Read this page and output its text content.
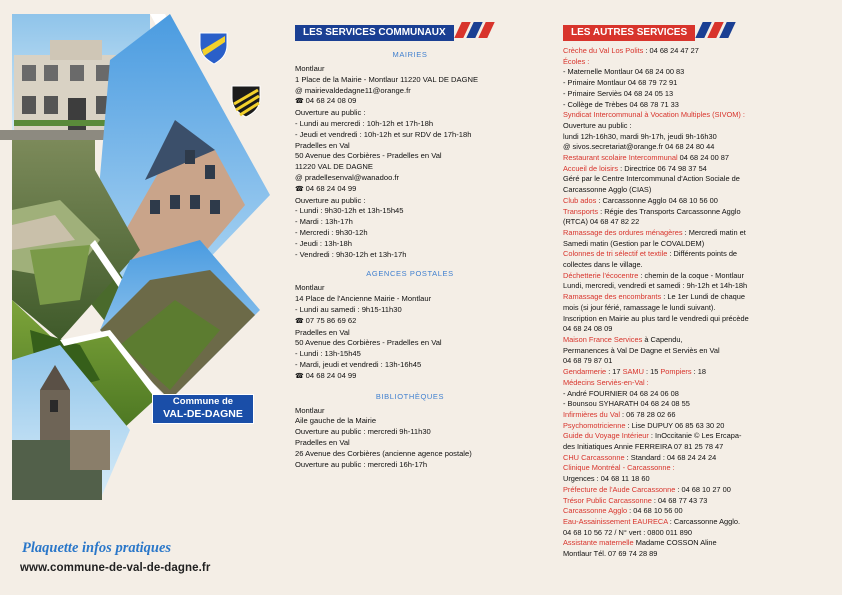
Commune de
VAL-DE-DAGNE
Plaquette infos pratiques
www.commune-de-val-de-dagne.fr
LES SERVICES COMMUNAUX
MAIRIES
Montlaur
1 Place de la Mairie - Montlaur 11220 VAL DE DAGNE
@ mairievaldedagne11@orange.fr
☎ 04 68 24 08 09
Ouverture au public :
- Lundi au mercredi : 10h-12h et 17h-18h
- Jeudi et vendredi : 10h-12h et sur RDV de 17h-18h
Pradelles en Val
50 Avenue des Corbières - Pradelles en Val
11220 VAL DE DAGNE
@ pradellesenval@wanadoo.fr
☎ 04 68 24 04 99
Ouverture au public :
- Lundi : 9h30-12h et 13h-15h45
- Mardi : 13h-17h
- Mercredi : 9h30-12h
- Jeudi : 13h-18h
- Vendredi : 9h30-12h et 13h-17h
AGENCES POSTALES
Montlaur
14 Place de l'Ancienne Mairie - Montlaur
- Lundi au samedi : 9h15-11h30
☎ 07 75 86 69 62
Pradelles en Val
50 Avenue des Corbières - Pradelles en Val
- Lundi : 13h-15h45
- Mardi, jeudi et vendredi : 13h-16h45
☎ 04 68 24 04 99
BIBLIOTHÈQUES
Montlaur
Aile gauche de la Mairie
Ouverture au public : mercredi 9h-11h30
Pradelles en Val
26 Avenue des Corbières (ancienne agence postale)
Ouverture au public : mercredi 16h-17h
LES AUTRES SERVICES
Crèche du Val Los Polits : 04 68 24 47 27
Écoles :
- Maternelle Montlaur 04 68 24 00 83
- Primaire Montlaur 04 68 79 72 91
- Primaire Serviès 04 68 24 05 13
- Collège de Trèbes 04 68 78 71 33
Syndicat Intercommunal à Vocation Multiples (SIVOM) :
Ouverture au public :
lundi 12h-16h30, mardi 9h-17h, jeudi 9h-16h30
@ sivos.secretariat@orange.fr 04 68 24 80 44
Restaurant scolaire Intercommunal 04 68 24 00 87
Accueil de loisirs : Directrice 06 74 98 37 54
Géré par le Centre Intercommunal d'Action Sociale de
Carcassonne Agglo (CIAS)
Club ados : Carcassonne Agglo 04 68 10 56 00
Transports : Régie des Transports Carcassonne Agglo
(RTCA) 04 68 47 82 22
Ramassage des ordures ménagères : Mercredi matin et
Samedi matin (Gestion par le COVALDEM)
Colonnes de tri sélectif et textile : Différents points de
collectes dans le village.
Déchetterie l'écocentre : chemin de la coque - Montlaur
Lundi, mercredi, vendredi et samedi : 9h-12h et 14h-18h
Ramassage des encombrants : Le 1er Lundi de chaque
mois (si jour férié, ramassage le lundi suivant).
Inscription en Mairie au plus tard le vendredi qui précède
04 68 24 08 09
Maison France Services à Capendu,
Permanences à Val De Dagne et Serviès en Val
04 68 79 87 01
Gendarmerie : 17 SAMU : 15 Pompiers : 18
Médecins Serviès-en-Val :
- André FOURNIER 04 68 24 06 08
- Bounsou SYHARATH 04 68 24 08 55
Infirmières du Val : 06 78 28 02 66
Psychomotricienne : Lise DUPUY 06 85 63 30 20
Guide du Voyage Intérieur : InOccitanie © Les Ercapa-
des Initiatiques Annie FERREIRA 07 81 25 78 47
CHU Carcassonne : Standard : 04 68 24 24 24
Clinique Montréal - Carcassonne :
Urgences : 04 68 11 18 60
Préfecture de l'Aude Carcassonne : 04 68 10 27 00
Trésor Public Carcassonne : 04 68 77 43 73
Carcassonne Agglo : 04 68 10 56 00
Eau-Assainissement EAURECA : Carcassonne Agglo.
04 68 10 56 72 / N° vert : 0800 011 890
Assistante maternelle Madame COSSON Aline
Montlaur Tél. 07 69 74 28 89
